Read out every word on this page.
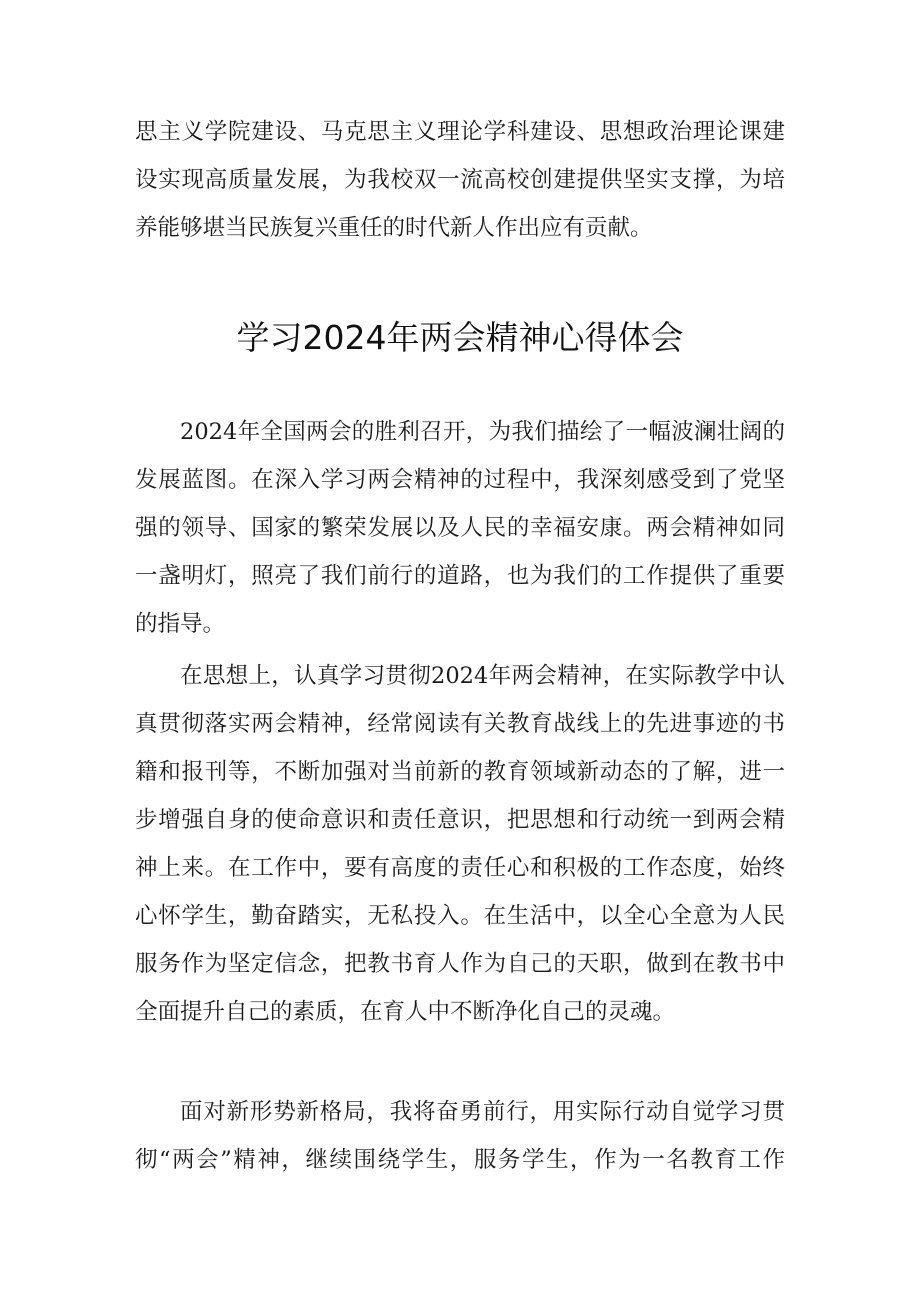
思主义学院建设、马克思主义理论学科建设、思想政治理论课建
设实现高质量发展，为我校双一流高校创建提供坚实支撑，为培
养能够堪当民族复兴重任的时代新人作出应有贡献。
学习2024年两会精神心得体会
2024年全国两会的胜利召开，为我们描绘了一幅波澜壮阔的
发展蓝图。在深入学习两会精神的过程中，我深刻感受到了党坚
强的领导、国家的繁荣发展以及人民的幸福安康。两会精神如同
一盏明灯，照亮了我们前行的道路，也为我们的工作提供了重要
的指导。
在思想上，认真学习贯彻2024年两会精神，在实际教学中认
真贯彻落实两会精神，经常阅读有关教育战线上的先进事迹的书
籍和报刊等，不断加强对当前新的教育领域新动态的了解，进一
步增强自身的使命意识和责任意识，把思想和行动统一到两会精
神上来。在工作中，要有高度的责任心和积极的工作态度，始终
心怀学生，勤奋踏实，无私投入。在生活中，以全心全意为人民
服务作为坚定信念，把教书育人作为自己的天职，做到在教书中
全面提升自己的素质，在育人中不断净化自己的灵魂。
面对新形势新格局，我将奋勇前行，用实际行动自觉学习贯
彻“两会”精神，继续围绕学生，服务学生，作为一名教育工作
